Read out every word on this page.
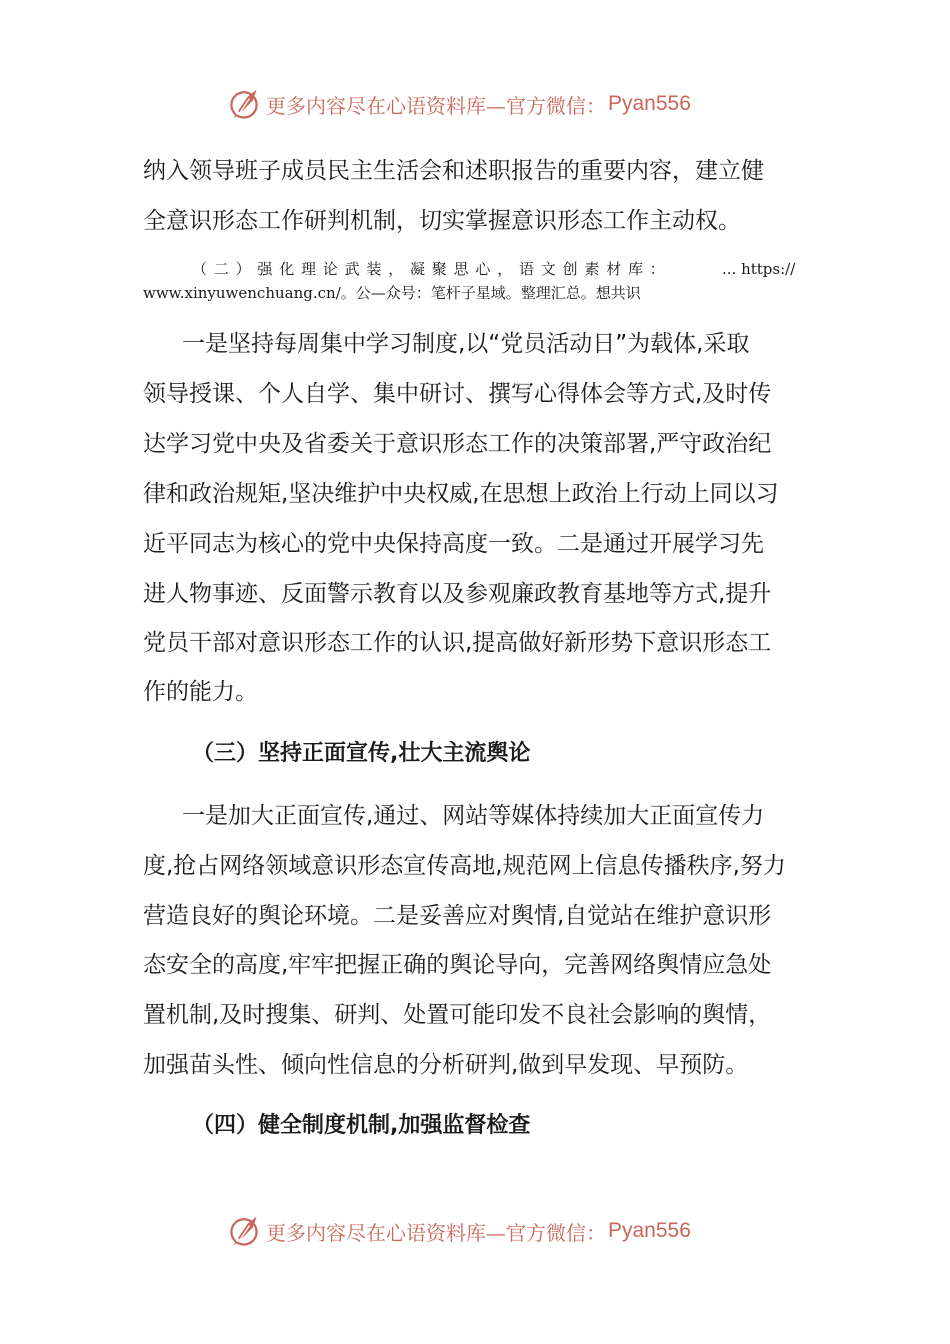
更多内容尽在心语资料库—官方微信： Pyan556
纳入领导班子成员民主生活会和述职报告的重要内容，建立健
全意识形态工作研判机制，切实掌握意识形态工作主动权。
（二）强化理论武装，凝聚思心，语文创素材库：	... https://
www.xinyuwenchuang.cn/。公—众号：笔杆子星域。整理汇总。想共识
一是坚持每周集中学习制度,以“党员活动日”为载体,采取
领导授课、个人自学、集中研讨、撰写心得体会等方式,及时传
达学习党中央及省委关于意识形态工作的决策部署,严守政治纪
律和政治规矩,坚决维护中央权威,在思想上政治上行动上同以习
近平同志为核心的党中央保持高度一致。二是通过开展学习先
进人物事迹、反面警示教育以及参观廉政教育基地等方式,提升
党员干部对意识形态工作的认识,提高做好新形势下意识形态工
作的能力。
（三）坚持正面宣传,壮大主流舆论
一是加大正面宣传,通过、网站等媒体持续加大正面宣传力
度,抢占网络领域意识形态宣传高地,规范网上信息传播秩序,努力
营造良好的舆论环境。二是妥善应对舆情,自觉站在维护意识形
态安全的高度,牢牢把握正确的舆论导向，完善网络舆情应急处
置机制,及时搜集、研判、处置可能印发不良社会影响的舆情，
加强苗头性、倾向性信息的分析研判,做到早发现、早预防。
（四）健全制度机制,加强监督检查
更多内容尽在心语资料库—官方微信： Pyan556
